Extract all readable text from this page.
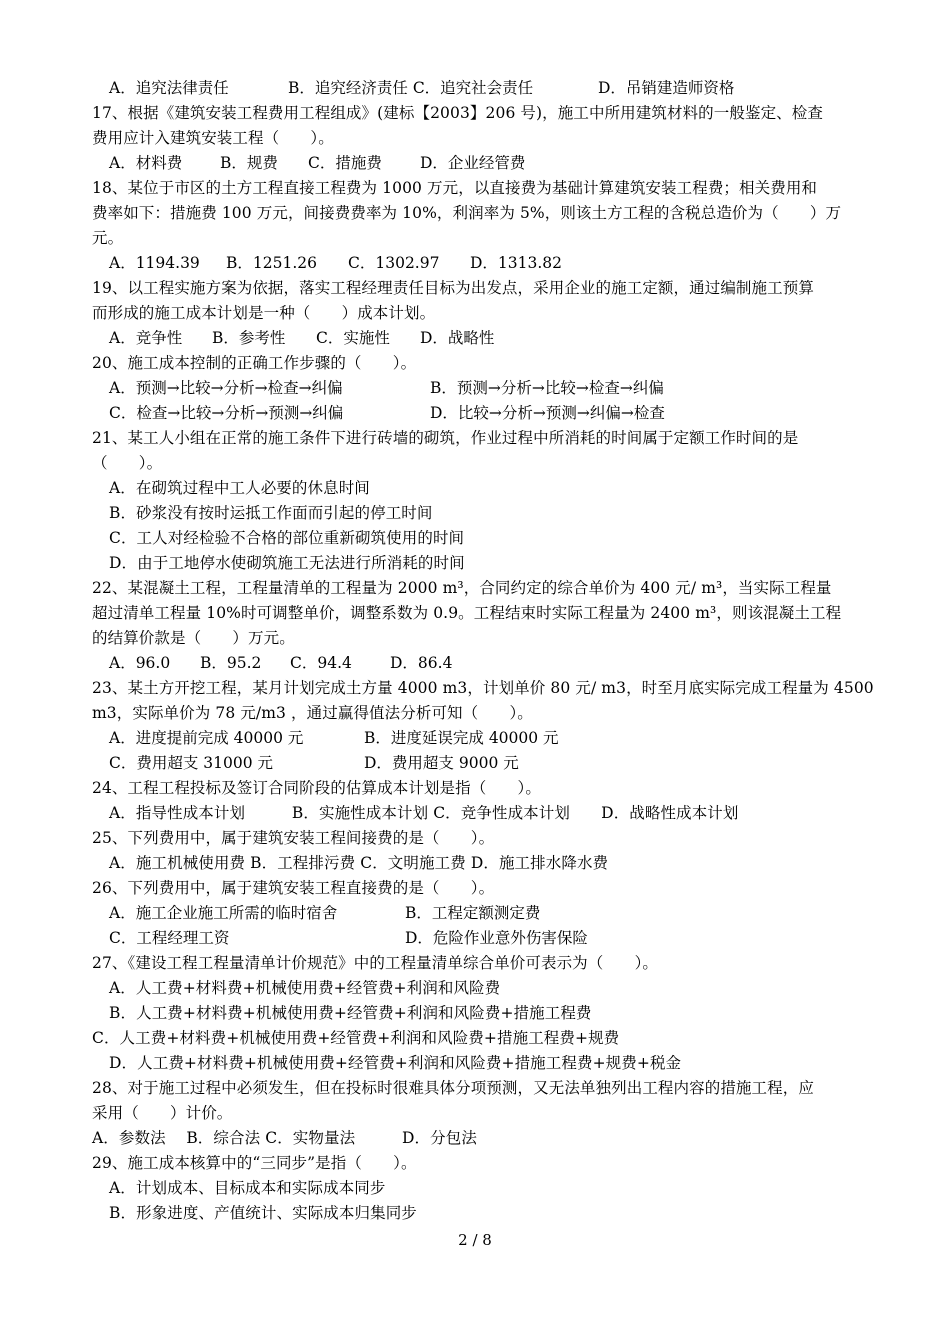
A．追究法律责任	B．追究经济责任 C．追究社会责任	D．吊销建造师资格
17、根据《建筑安装工程费用工程组成》(建标【2003】206 号)，施工中所用建筑材料的一般鉴定、检查
费用应计入建筑安装工程（　　）。
A．材料费 B．规费 C．措施费 D．企业经管费
18、某位于市区的土方工程直接工程费为 1000 万元，以直接费为基础计算建筑安装工程费；相关费用和
费率如下：措施费 100 万元，间接费费率为 10%，利润率为 5%，则该土方工程的含税总造价为（　　）万
元。
A．1194.39 B．1251.26 C．1302.97 D．1313.82
19、以工程实施方案为依据，落实工程经理责任目标为出发点，采用企业的施工定额，通过编制施工预算
而形成的施工成本计划是一种（　　）成本计划。
A．竞争性 B．参考性 C．实施性 D．战略性
20、施工成本控制的正确工作步骤的（　　）。
A．预测→比较→分析→检查→纠偏	B．预测→分析→比较→检查→纠偏
C．检查→比较→分析→预测→纠偏	D．比较→分析→预测→纠偏→检查
21、某工人小组在正常的施工条件下进行砖墙的砌筑，作业过程中所消耗的时间属于定额工作时间的是
（　　）。
A．在砌筑过程中工人必要的休息时间
B．砂浆没有按时运抵工作面而引起的停工时间
C．工人对经检验不合格的部位重新砌筑使用的时间
D．由于工地停水使砌筑施工无法进行所消耗的时间
22、某混凝土工程，工程量清单的工程量为 2000 m³，合同约定的综合单价为 400 元/ m³，当实际工程量
超过清单工程量 10%时可调整单价，调整系数为 0.9。工程结束时实际工程量为 2400 m³，则该混凝土工程
的结算价款是（　　）万元。
A．96.0 B．95.2 C．94.4 D．86.4
23、某土方开挖工程，某月计划完成土方量 4000 m3，计划单价 80 元/ m3，时至月底实际完成工程量为 4500
m3，实际单价为 78 元/m3 ，通过赢得值法分析可知（　　）。
A．进度提前完成 40000 元	B．进度延误完成 40000 元
C．费用超支 31000 元	D．费用超支 9000 元
24、工程工程投标及签订合同阶段的估算成本计划是指（　　）。
A．指导性成本计划　　　B．实施性成本计划 C．竞争性成本计划　　D．战略性成本计划
25、下列费用中，属于建筑安装工程间接费的是（　　）。
A．施工机械使用费 B．工程排污费 C．文明施工费 D．施工排水降水费
26、下列费用中，属于建筑安装工程直接费的是（　　）。
A．施工企业施工所需的临时宿舍	B．工程定额测定费
C．工程经理工资	D．危险作业意外伤害保险
27、《建设工程工程量清单计价规范》中的工程量清单综合单价可表示为（　　）。
A．人工费+材料费+机械使用费+经管费+利润和风险费
B．人工费+材料费+机械使用费+经管费+利润和风险费+措施工程费
C．人工费+材料费+机械使用费+经管费+利润和风险费+措施工程费+规费
D．人工费+材料费+机械使用费+经管费+利润和风险费+措施工程费+规费+税金
28、对于施工过程中必须发生，但在投标时很难具体分项预测，又无法单独列出工程内容的措施工程，应
采用（　　）计价。
A．参数法　 B．综合法 C．实物量法　　　D．分包法
29、施工成本核算中的“三同步”是指（　　）。
A．计划成本、目标成本和实际成本同步
B．形象进度、产值统计、实际成本归集同步
2 / 8
